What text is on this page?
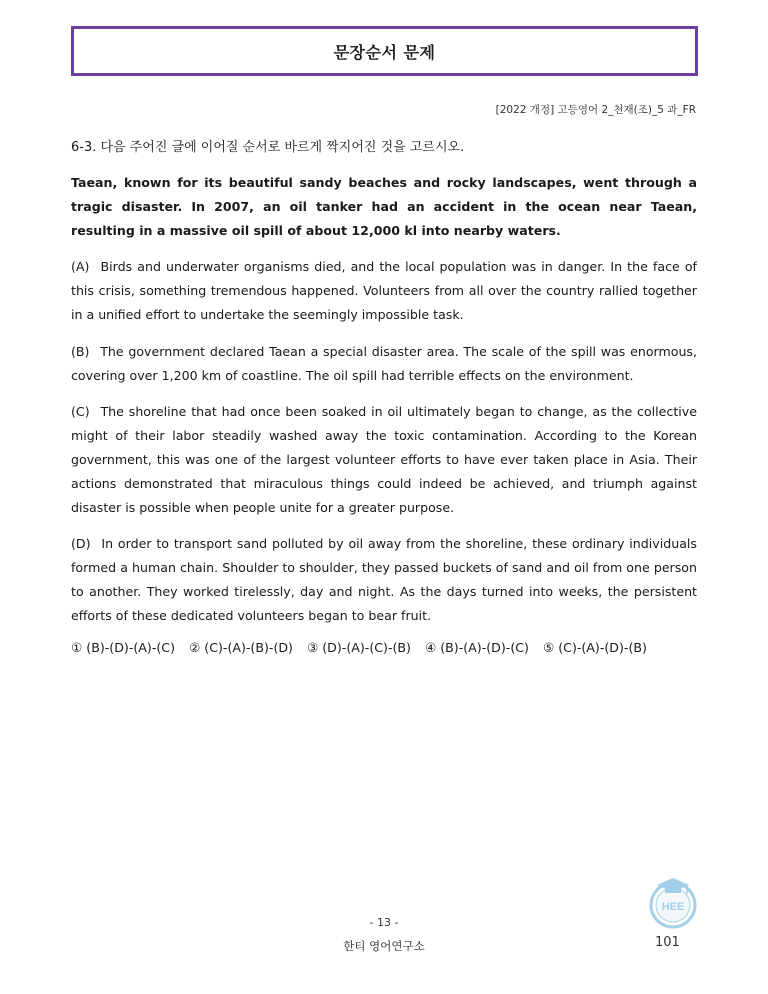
문장순서 문제
[2022 개정] 고등영어 2_천재(조)_5 과_FR
6-3. 다음 주어진 글에 이어질 순서로 바르게 짝지어진 것을 고르시오.

Taean, known for its beautiful sandy beaches and rocky landscapes, went through a tragic disaster. In 2007, an oil tanker had an accident in the ocean near Taean, resulting in a massive oil spill of about 12,000 kl into nearby waters.

(A) Birds and underwater organisms died, and the local population was in danger. In the face of this crisis, something tremendous happened. Volunteers from all over the country rallied together in a unified effort to undertake the seemingly impossible task.

(B) The government declared Taean a special disaster area. The scale of the spill was enormous, covering over 1,200 km of coastline. The oil spill had terrible effects on the environment.

(C) The shoreline that had once been soaked in oil ultimately began to change, as the collective might of their labor steadily washed away the toxic contamination. According to the Korean government, this was one of the largest volunteer efforts to have ever taken place in Asia. Their actions demonstrated that miraculous things could indeed be achieved, and triumph against disaster is possible when people unite for a greater purpose.

(D) In order to transport sand polluted by oil away from the shoreline, these ordinary individuals formed a human chain. Shoulder to shoulder, they passed buckets of sand and oil from one person to another. They worked tirelessly, day and night. As the days turned into weeks, the persistent efforts of these dedicated volunteers began to bear fruit.

① (B)-(D)-(A)-(C) ② (C)-(A)-(B)-(D) ③ (D)-(A)-(C)-(B) ④ (B)-(A)-(D)-(C) ⑤ (C)-(A)-(D)-(B)
- 13 -
한티 영어연구소
HEE
101
